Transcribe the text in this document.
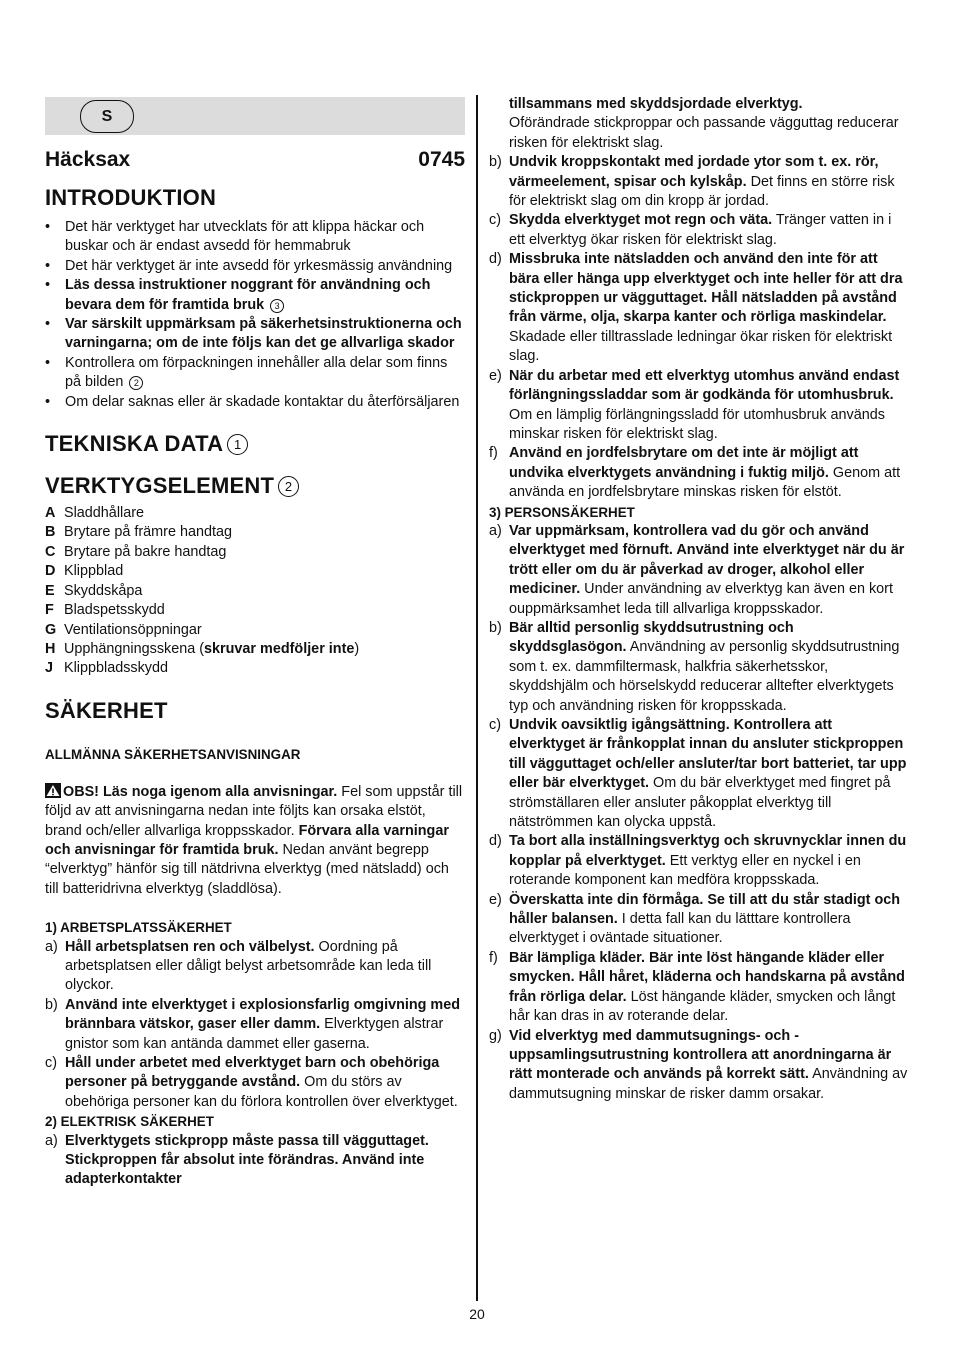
S
Häcksax	0745
INTRODUKTION
• Det här verktyget har utvecklats för att klippa häckar och buskar och är endast avsedd för hemmabruk
• Det här verktyget är inte avsedd för yrkesmässig användning
• Läs dessa instruktioner noggrant för användning och bevara dem för framtida bruk 3
• Var särskilt uppmärksam på säkerhetsinstruktionerna och varningarna; om de inte följs kan det ge allvarliga skador
• Kontrollera om förpackningen innehåller alla delar som finns på bilden 2
• Om delar saknas eller är skadade kontaktar du återförsäljaren
TEKNISKA DATA 1
VERKTYGSELEMENT 2
A Sladdhållare
B Brytare på främre handtag
C Brytare på bakre handtag
D Klippblad
E Skyddskåpa
F Bladspetsskydd
G Ventilationsöppningar
H Upphängningsskena (skruvar medföljer inte)
J Klippbladsskydd
SÄKERHET
ALLMÄNNA SÄKERHETSANVISNINGAR

OBS! Läs noga igenom alla anvisningar. Fel som uppstår till följd av att anvisningarna nedan inte följts kan orsaka elstöt, brand och/eller allvarliga kroppsskador. Förvara alla varningar och anvisningar för framtida bruk. Nedan använt begrepp “elverktyg” hänför sig till nätdrivna elverktyg (med nätsladd) och till batteridrivna elverktyg (sladdlösa).

1) ARBETSPLATSSÄKERHET
a) Håll arbetsplatsen ren och välbelyst. Oordning på arbetsplatsen eller dåligt belyst arbetsområde kan leda till olyckor.
b) Använd inte elverktyget i explosionsfarlig omgivning med brännbara vätskor, gaser eller damm. Elverktygen alstrar gnistor som kan antända dammet eller gaserna.
c) Håll under arbetet med elverktyget barn och obehöriga personer på betryggande avstånd. Om du störs av obehöriga personer kan du förlora kontrollen över elverktyget.
2) ELEKTRISK SÄKERHET
a) Elverktygets stickpropp måste passa till vägguttaget. Stickproppen får absolut inte förändras. Använd inte adapterkontakter
tillsammans med skyddsjordade elverktyg.
Oförändrade stickproppar och passande vägguttag reducerar risken för elektriskt slag.
b) Undvik kroppskontakt med jordade ytor som t. ex. rör, värmeelement, spisar och kylskåp. Det finns en större risk för elektriskt slag om din kropp är jordad.
c) Skydda elverktyget mot regn och väta. Tränger vatten in i ett elverktyg ökar risken för elektriskt slag.
d) Missbruka inte nätsladden och använd den inte för att bära eller hänga upp elverktyget och inte heller för att dra stickproppen ur vägguttaget. Håll nätsladden på avstånd från värme, olja, skarpa kanter och rörliga maskindelar. Skadade eller tilltrasslade ledningar ökar risken för elektriskt slag.
e) När du arbetar med ett elverktyg utomhus använd endast förlängningssladdar som är godkända för utomhusbruk. Om en lämplig förlängningssladd för utomhusbruk används minskar risken för elektriskt slag.
f) Använd en jordfelsbrytare om det inte är möjligt att undvika elverktygets användning i fuktig miljö. Genom att använda en jordfelsbrytare minskas risken för elstöt.
3) PERSONSÄKERHET
a) Var uppmärksam, kontrollera vad du gör och använd elverktyget med förnuft. Använd inte elverktyget när du är trött eller om du är påverkad av droger, alkohol eller mediciner. Under användning av elverktyg kan även en kort ouppmärksamhet leda till allvarliga kroppsskador.
b) Bär alltid personlig skyddsutrustning och skyddsglasögon. Användning av personlig skyddsutrustning som t. ex. dammfiltermask, halkfria säkerhetsskor, skyddshjälm och hörselskydd reducerar alltefter elverktygets typ och användning risken för kroppsskada.
c) Undvik oavsiktlig igångsättning. Kontrollera att elverktyget är frånkopplat innan du ansluter stickproppen till vägguttaget och/eller ansluter/tar bort batteriet, tar upp eller bär elverktyget. Om du bär elverktyget med fingret på strömställaren eller ansluter påkopplat elverktyg till nätströmmen kan olycka uppstå.
d) Ta bort alla inställningsverktyg och skruvnycklar innen du kopplar på elverktyget. Ett verktyg eller en nyckel i en roterande komponent kan medföra kroppsskada.
e) Överskatta inte din förmåga. Se till att du står stadigt och håller balansen. I detta fall kan du lätttare kontrollera elverktyget i oväntade situationer.
f) Bär lämpliga kläder. Bär inte löst hängande kläder eller smycken. Håll håret, kläderna och handskarna på avstånd från rörliga delar. Löst hängande kläder, smycken och långt hår kan dras in av roterande delar.
g) Vid elverktyg med dammutsugnings- och -uppsamlingsutrustning kontrollera att anordningarna är rätt monterade och används på korrekt sätt. Användning av dammutsugning minskar de risker damm orsakar.
20
